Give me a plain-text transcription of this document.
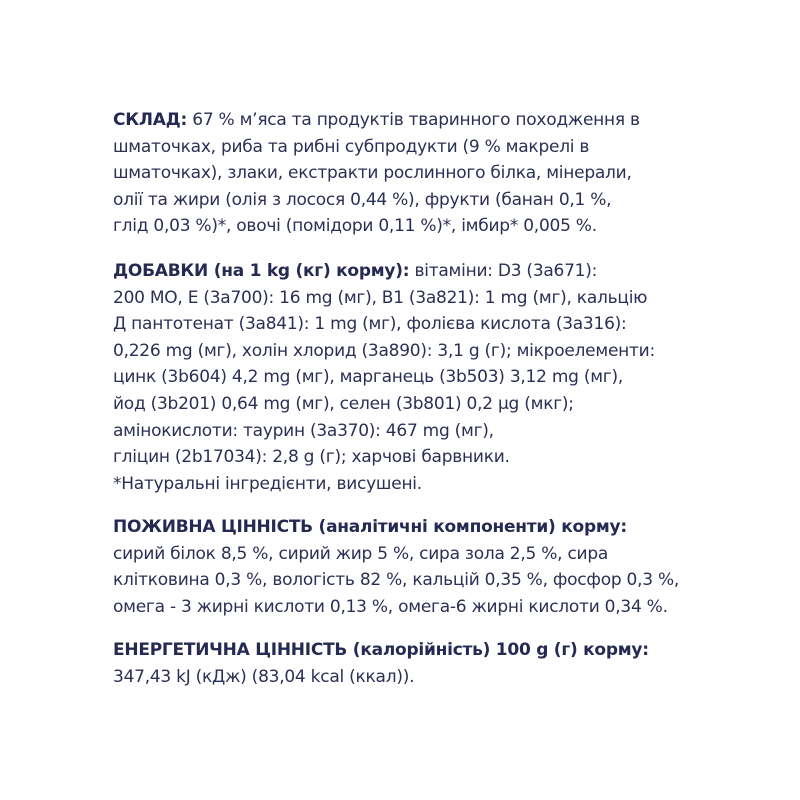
СКЛАД: 67 % м’яса та продуктів тваринного походження в
шматочках, риба та рибні субпродукти (9 % макрелі в
шматочках), злаки, екстракти рослинного білка, мінерали,
олії та жири (олія з лосося 0,44 %), фрукти (банан 0,1 %,
глід 0,03 %)*, овочі (помідори 0,11 %)*, імбир* 0,005 %.
ДОБАВКИ (на 1 kg (кг) корму): вітаміни: D3 (3a671):
200 МО, E (3a700): 16 mg (мг), B1 (3a821): 1 mg (мг), кальцію
Д пантотенат (3a841): 1 mg (мг), фолієва кислота (3a316):
0,226 mg (мг), холін хлорид (3a890): 3,1 g (г); мікроелементи:
цинк (3b604) 4,2 mg (мг), марганець (3b503) 3,12 mg (мг),
йод (3b201) 0,64 mg (мг), селен (3b801) 0,2 µg (мкг);
амінокислоти: таурин (3a370): 467 mg (мг),
гліцин (2b17034): 2,8 g (г); харчові барвники.
*Натуральні інгредієнти, висушені.
ПОЖИВНА ЦІННІСТЬ (аналітичні компоненти) корму:
сирий білок 8,5 %, сирий жир 5 %, сира зола 2,5 %, сира
клітковина 0,3 %, вологість 82 %, кальцій 0,35 %, фосфор 0,3 %,
омега - 3 жирні кислоти 0,13 %, омега-6 жирні кислоти 0,34 %.
ЕНЕРГЕТИЧНА ЦІННІСТЬ (калорійність) 100 g (г) корму:
347,43 kJ (кДж) (83,04 kcal (ккал)).
